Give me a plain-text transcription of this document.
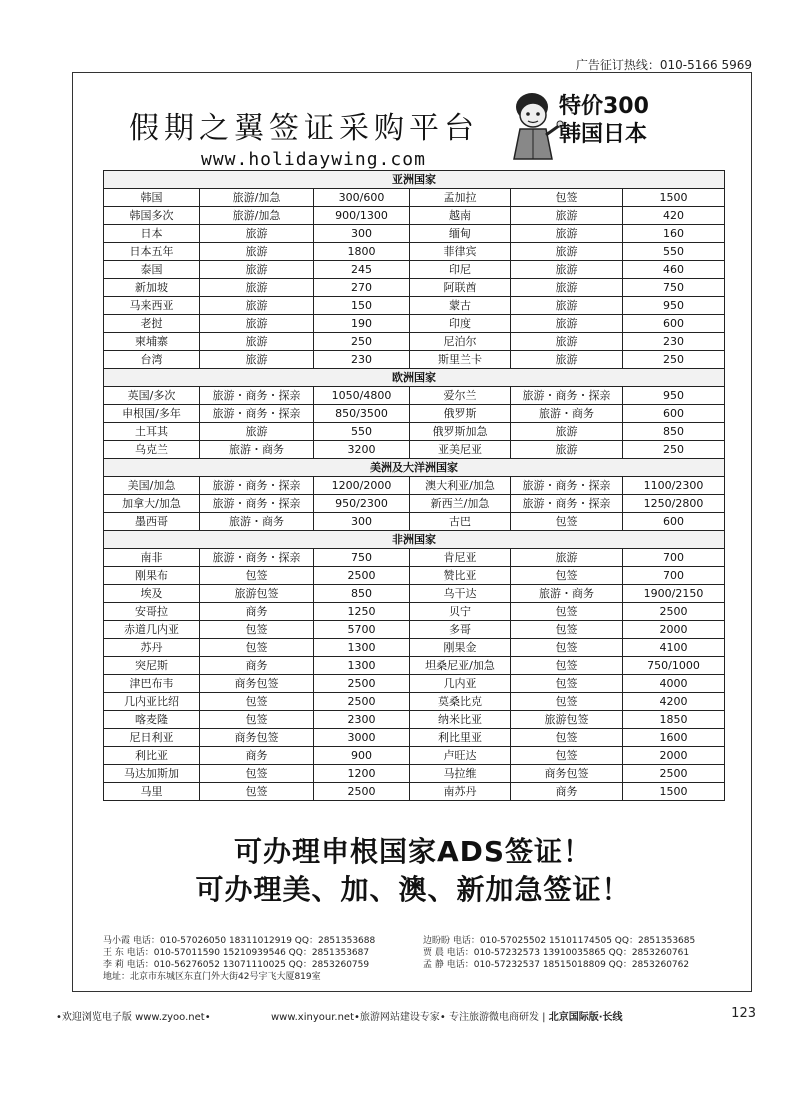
广告征订热线：010-5166 5969
假期之翼签证采购平台
www.holidaywing.com
特价300
韩国日本
亚洲国家					
韩国	旅游/加急	300/600	孟加拉	包签	1500
韩国多次	旅游/加急	900/1300	越南	旅游	420
日本	旅游	300	缅甸	旅游	160
日本五年	旅游	1800	菲律宾	旅游	550
泰国	旅游	245	印尼	旅游	460
新加坡	旅游	270	阿联酋	旅游	750
马来西亚	旅游	150	蒙古	旅游	950
老挝	旅游	190	印度	旅游	600
柬埔寨	旅游	250	尼泊尔	旅游	230
台湾	旅游	230	斯里兰卡	旅游	250
欧洲国家					
英国/多次	旅游・商务・探亲	1050/4800	爱尔兰	旅游・商务・探亲	950
申根国/多年	旅游・商务・探亲	850/3500	俄罗斯	旅游・商务	600
土耳其	旅游	550	俄罗斯加急	旅游	850
乌克兰	旅游・商务	3200	亚美尼亚	旅游	250
美洲及大洋洲国家					
美国/加急	旅游・商务・探亲	1200/2000	澳大利亚/加急	旅游・商务・探亲	1100/2300
加拿大/加急	旅游・商务・探亲	950/2300	新西兰/加急	旅游・商务・探亲	1250/2800
墨西哥	旅游・商务	300	古巴	包签	600
非洲国家					
南非	旅游・商务・探亲	750	肯尼亚	旅游	700
刚果布	包签	2500	赞比亚	包签	700
埃及	旅游包签	850	乌干达	旅游・商务	1900/2150
安哥拉	商务	1250	贝宁	包签	2500
赤道几内亚	包签	5700	多哥	包签	2000
苏丹	包签	1300	刚果金	包签	4100
突尼斯	商务	1300	坦桑尼亚/加急	包签	750/1000
津巴布韦	商务包签	2500	几内亚	包签	4000
几内亚比绍	包签	2500	莫桑比克	包签	4200
喀麦隆	包签	2300	纳米比亚	旅游包签	1850
尼日利亚	商务包签	3000	利比里亚	包签	1600
利比亚	商务	900	卢旺达	包签	2000
马达加斯加	包签	1200	马拉维	商务包签	2500
马里	包签	2500	南苏丹	商务	1500
可办理申根国家ADS签证！
可办理美、加、澳、新加急签证！
马小霞 电话：010-57026050 18311012919 QQ：2851353688	边盼盼 电话：010-57025502 15101174505 QQ：2851353685
王 东 电话：010-57011590 15210939546 QQ：2851353687	贾 晨 电话：010-57232573 13910035865 QQ：2853260761
李 莉 电话：010-56276052 13071110025 QQ：2853260759	孟 静 电话：010-57232537 18515018809 QQ：2853260762
地址：北京市东城区东直门外大街42号宇飞大厦819室
•欢迎浏览电子版 www.zyoo.net•	www.xinyour.net•旅游网站建设专家• 专注旅游微电商研发 | 北京国际版·长线	123
